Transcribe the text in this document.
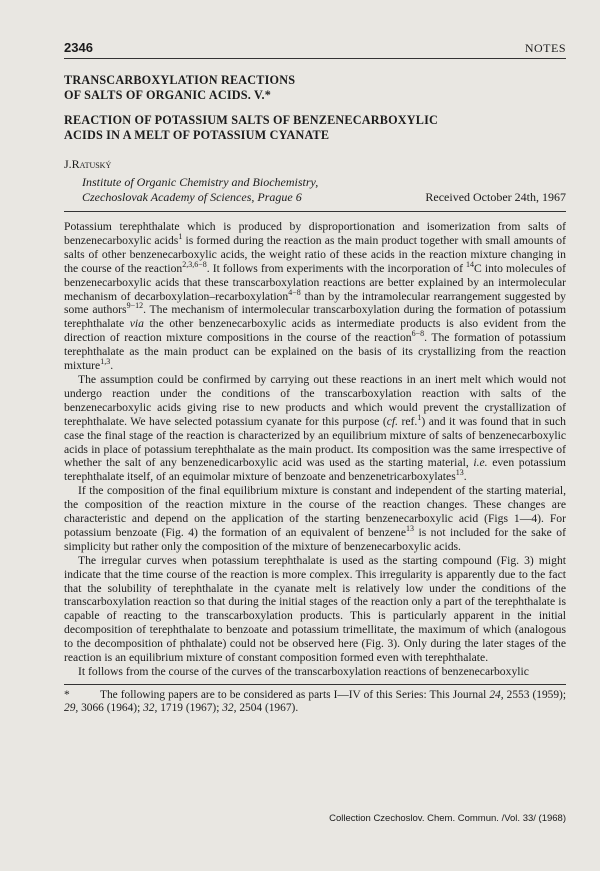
2346	NOTES

TRANSCARBOXYLATION REACTIONS

OF SALTS OF ORGANIC ACIDS. V.*

REACTION OF POTASSIUM SALTS OF BENZENECARBOXYLIC

ACIDS IN A MELT OF POTASSIUM CYANATE

J.Ratuský
Institute of Organic Chemistry and Biochemistry,
Czechoslovak Academy of Sciences, Prague 6	Received October 24th, 1967

Potassium terephthalate which is produced by disproportionation and isomerization from salts of benzenecarboxylic acids$^1$ is formed during the reaction as the main product together with small amounts of salts of other benzenecarboxylic acids, the weight ratio of these acids in the reaction mixture changing in the course of the reaction$^{2,3,6-8}$. It follows from experiments with the incorporation of $^{14}$C into molecules of benzenecarboxylic acids that these transcarboxylation reactions are better explained by an intermolecular mechanism of decarboxylation–recarboxylation$^{4-8}$ than by the intramolecular rearrangement suggested by some authors$^{9-12}$. The mechanism of intermolecular transcarboxylation during the formation of potassium terephthalate via the other benzenecarboxylic acids as intermediate products is also evident from the direction of reaction mixture compositions in the course of the reaction$^{6-8}$. The formation of potassium terephthalate as the main product can be explained on the basis of its crystallizing from the reaction mixture$^{1,3}$.

The assumption could be confirmed by carrying out these reactions in an inert melt which would not undergo reaction under the conditions of the transcarboxylation reaction with salts of the benzenecarboxylic acids giving rise to new products and which would prevent the crystallization of terephthalate. We have selected potassium cyanate for this purpose (cf. ref.$^1$) and it was found that in such case the final stage of the reaction is characterized by an equilibrium mixture of salts of benzenecarboxylic acids in place of potassium terephthalate as the main product. Its composition was the same irrespective of whether the salt of any benzenedicarboxylic acid was used as the starting material, i.e. even potassium terephthalate itself, of an equimolar mixture of benzoate and benzenetricarboxylates$^{13}$.

If the composition of the final equilibrium mixture is constant and independent of the starting material, the composition of the reaction mixture in the course of the reaction changes. These changes are characteristic and depend on the application of the starting benzenecarboxylic acid (Figs 1—4). For potassium benzoate (Fig. 4) the formation of an equivalent of benzene$^{13}$ is not included for the sake of simplicity but rather only the composition of the mixture of benzenecarboxylic acids.

The irregular curves when potassium terephthalate is used as the starting compound (Fig. 3) might indicate that the time course of the reaction is more complex. This irregularity is apparently due to the fact that the solubility of terephthalate in the cyanate melt is relatively low under the conditions of the transcarboxylation reaction so that during the initial stages of the reaction only a part of the terephthalate is capable of reacting to the transcarboxylation products. This is particularly apparent in the initial decomposition of terephthalate to benzoate and potassium trimellitate, the maximum of which (analogous to the decomposition of phthalate) could not be observed here (Fig. 3). Only during the later stages of the reaction is an equilibrium mixture of constant composition formed even with terephthalate.

It follows from the course of the curves of the transcarboxylation reactions of benzenecarboxylic

*	The following papers are to be considered as parts I—IV of this Series: This Journal 24, 2553 (1959); 29, 3066 (1964); 32, 1719 (1967); 32, 2504 (1967).
Collection Czechoslov. Chem. Commun. /Vol. 33/ (1968)
